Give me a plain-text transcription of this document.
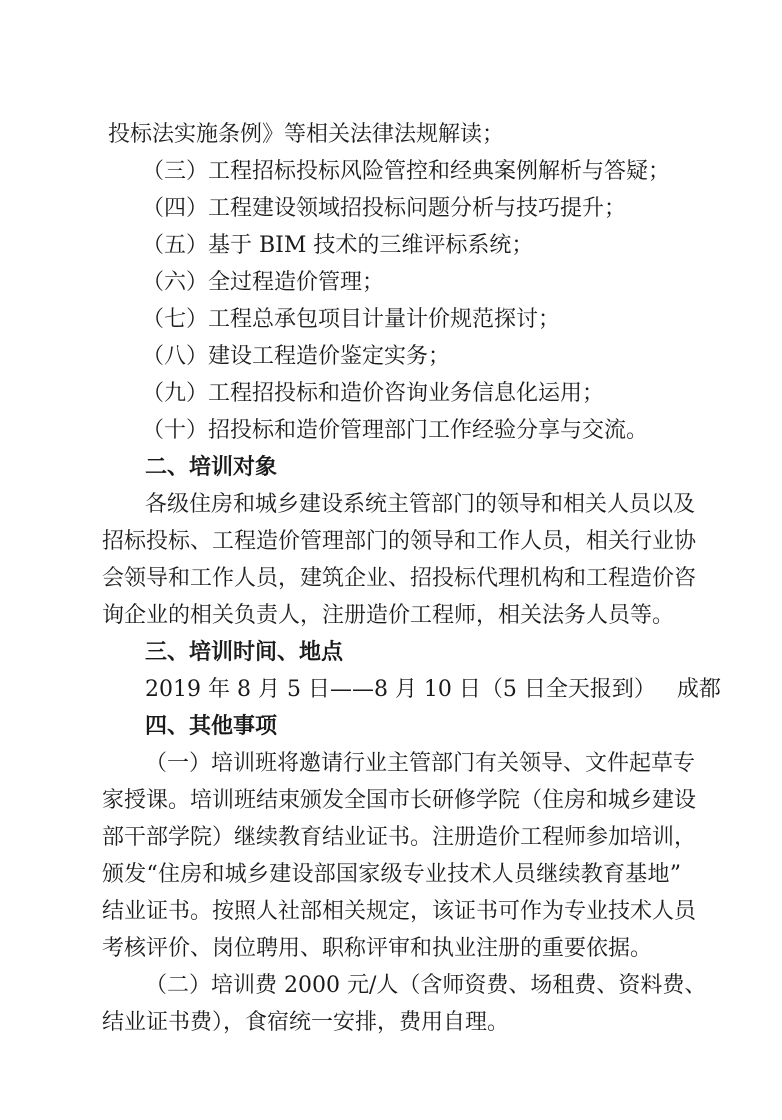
投标法实施条例》等相关法律法规解读；
（三）工程招标投标风险管控和经典案例解析与答疑；
（四）工程建设领域招投标问题分析与技巧提升；
（五）基于 BIM 技术的三维评标系统；
（六）全过程造价管理；
（七）工程总承包项目计量计价规范探讨；
（八）建设工程造价鉴定实务；
（九）工程招投标和造价咨询业务信息化运用；
（十）招投标和造价管理部门工作经验分享与交流。
二、培训对象
各级住房和城乡建设系统主管部门的领导和相关人员以及
招标投标、工程造价管理部门的领导和工作人员，相关行业协
会领导和工作人员，建筑企业、招投标代理机构和工程造价咨
询企业的相关负责人，注册造价工程师，相关法务人员等。
三、培训时间、地点
2019 年 8 月 5 日——8 月 10 日（5 日全天报到）   成都
四、其他事项
（一）培训班将邀请行业主管部门有关领导、文件起草专
家授课。培训班结束颁发全国市长研修学院（住房和城乡建设
部干部学院）继续教育结业证书。注册造价工程师参加培训，
颁发“住房和城乡建设部国家级专业技术人员继续教育基地”
结业证书。按照人社部相关规定，该证书可作为专业技术人员
考核评价、岗位聘用、职称评审和执业注册的重要依据。
（二）培训费 2000 元/人（含师资费、场租费、资料费、
结业证书费），食宿统一安排，费用自理。
